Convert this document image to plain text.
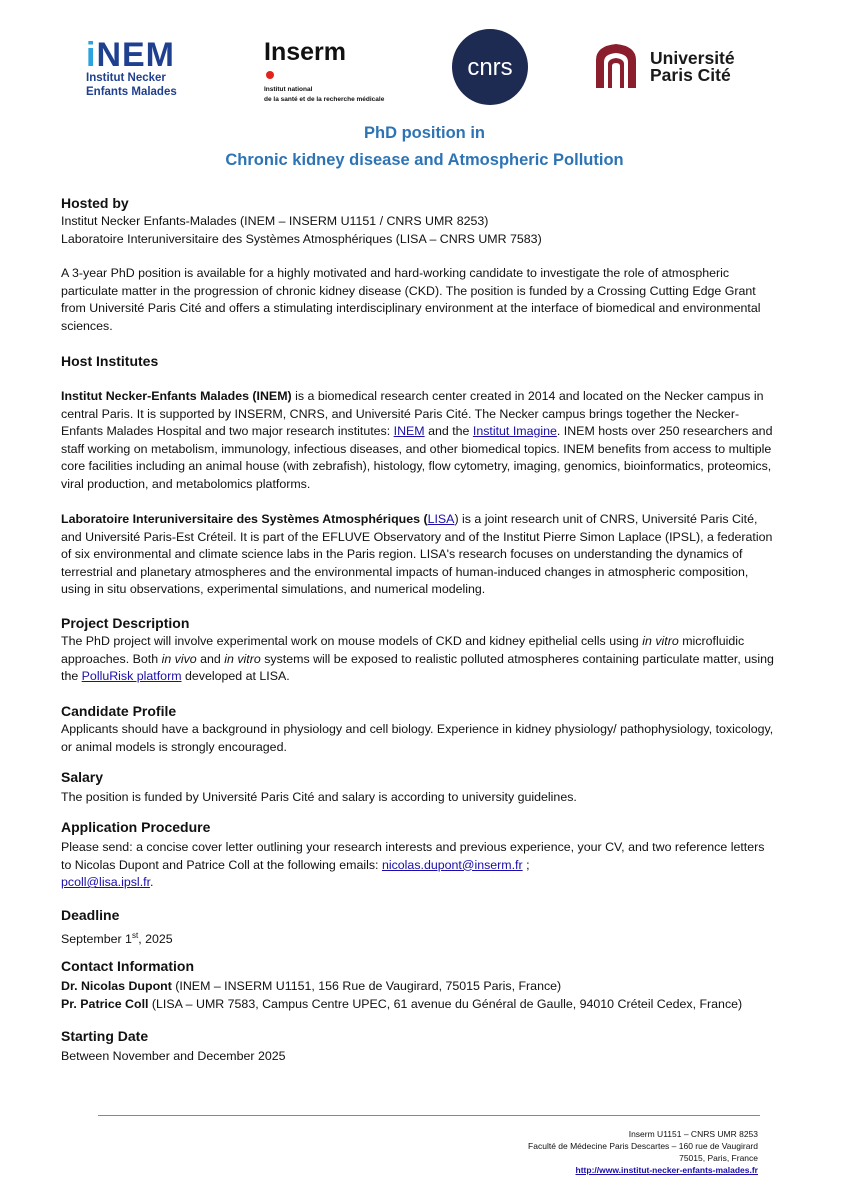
iNEM
Institut Necker
Enfants Malades
Inserm
Institut national
de la santé et de la recherche médicale
cnrs	Université
Paris Cité
PhD position in
Chronic kidney disease and Atmospheric Pollution
Hosted by

Institut Necker Enfants-Malades (INEM – INSERM U1151 / CNRS UMR 8253)

Laboratoire Interuniversitaire des Systèmes Atmosphériques (LISA – CNRS UMR 7583)

A 3-year PhD position is available for a highly motivated and hard-working candidate to investigate the role of atmospheric particulate matter in the progression of chronic kidney disease (CKD). The position is funded by a Crossing Cutting Edge Grant from Université Paris Cité and offers a stimulating interdisciplinary environment at the interface of biomedical and environmental sciences.

Host Institutes

Institut Necker-Enfants Malades (INEM) is a biomedical research center created in 2014 and located on the Necker campus in central Paris. It is supported by INSERM, CNRS, and Université Paris Cité. The Necker campus brings together the Necker-Enfants Malades Hospital and two major research institutes: INEM and the Institut Imagine. INEM hosts over 250 researchers and staff working on metabolism, immunology, infectious diseases, and other biomedical topics. INEM benefits from access to multiple core facilities including an animal house (with zebrafish), histology, flow cytometry, imaging, genomics, bioinformatics, proteomics, viral production, and metabolomics platforms.

Laboratoire Interuniversitaire des Systèmes Atmosphériques (LISA) is a joint research unit of CNRS, Université Paris Cité, and Université Paris-Est Créteil. It is part of the EFLUVE Observatory and of the Institut Pierre Simon Laplace (IPSL), a federation of six environmental and climate science labs in the Paris region. LISA's research focuses on understanding the dynamics of terrestrial and planetary atmospheres and the environmental impacts of human-induced changes in atmospheric composition, using in situ observations, experimental simulations, and numerical modeling.

Project Description

The PhD project will involve experimental work on mouse models of CKD and kidney epithelial cells using in vitro microfluidic approaches. Both in vivo and in vitro systems will be exposed to realistic polluted atmospheres containing particulate matter, using the PolluRisk platform developed at LISA.

Candidate Profile

Applicants should have a background in physiology and cell biology. Experience in kidney physiology/ pathophysiology, toxicology, or animal models is strongly encouraged.

Salary

The position is funded by Université Paris Cité and salary is according to university guidelines.

Application Procedure

Please send: a concise cover letter outlining your research interests and previous experience, your CV, and two reference letters to Nicolas Dupont and Patrice Coll at the following emails: nicolas.dupont@inserm.fr ;
pcoll@lisa.ipsl.fr.

Deadline

September 1st, 2025

Contact Information

Dr. Nicolas Dupont (INEM – INSERM U1151, 156 Rue de Vaugirard, 75015 Paris, France)

Pr. Patrice Coll (LISA – UMR 7583, Campus Centre UPEC, 61 avenue du Général de Gaulle, 94010 Créteil Cedex, France)

Starting Date

Between November and December 2025

Inserm U1151 – CNRS UMR 8253
Faculté de Médecine Paris Descartes – 160 rue de Vaugirard
75015, Paris, France
http://www.institut-necker-enfants-malades.fr
